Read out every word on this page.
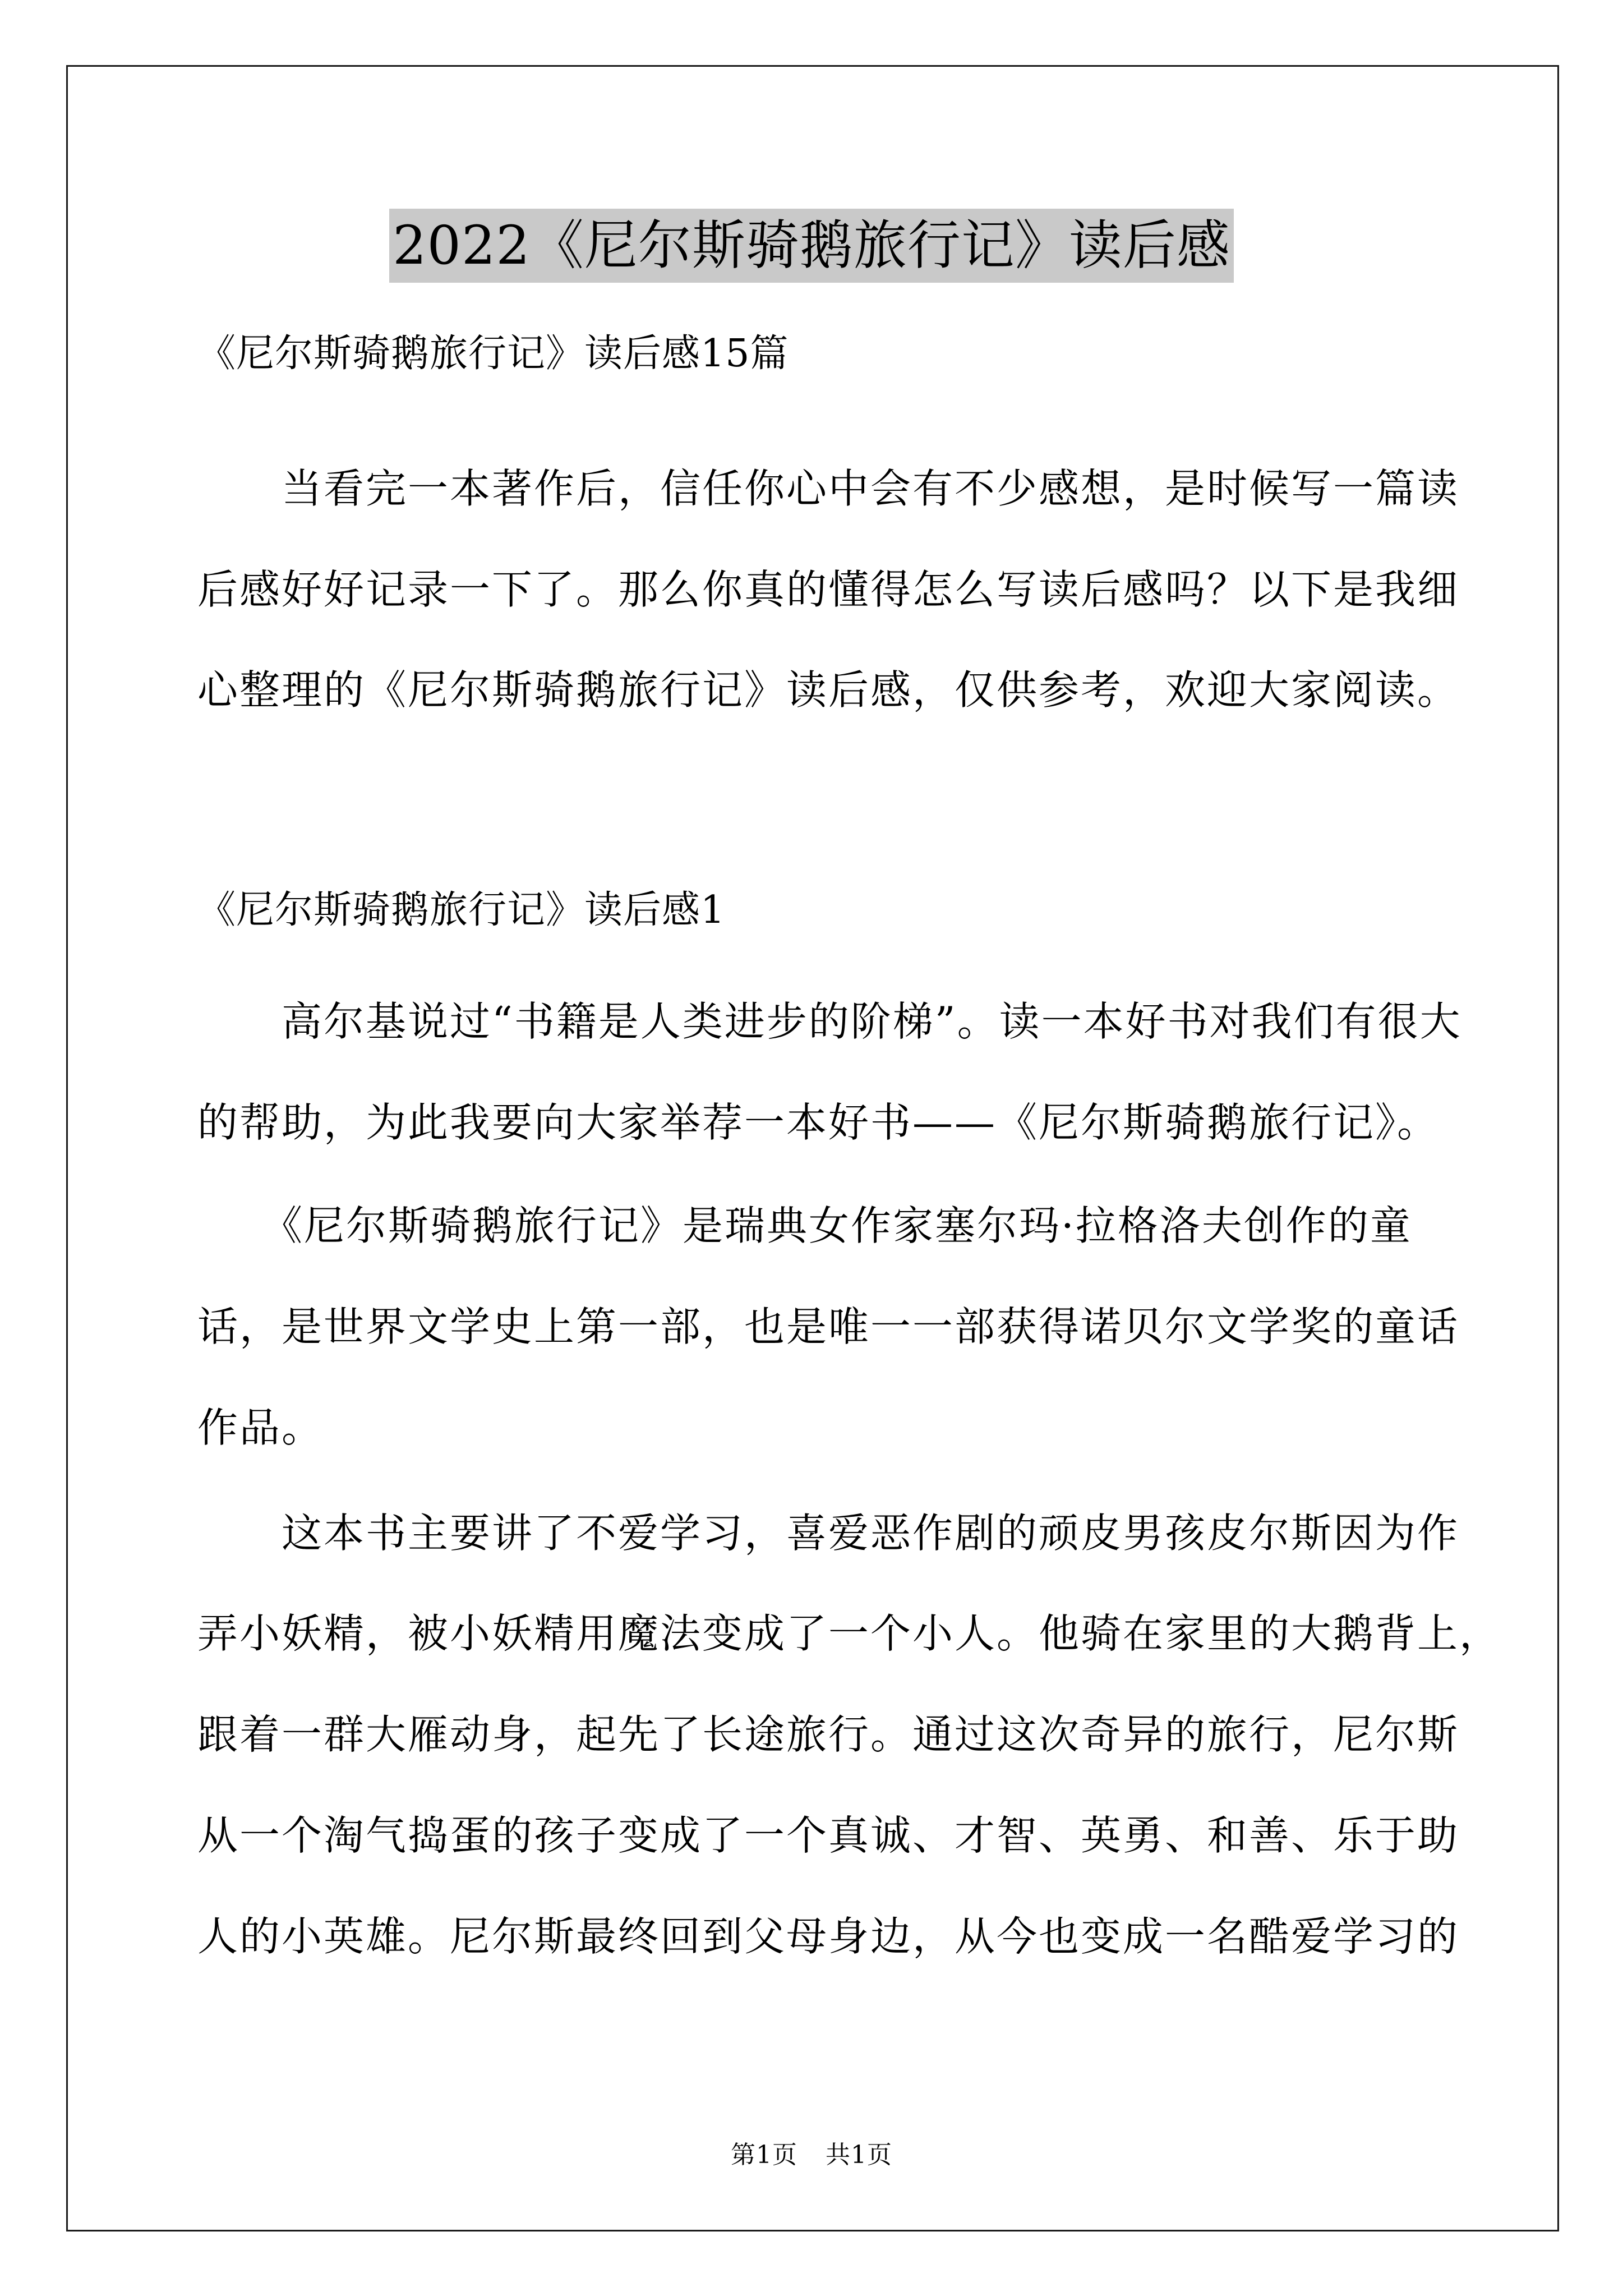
2022《尼尔斯骑鹅旅行记》读后感
《尼尔斯骑鹅旅行记》读后感15篇
当看完一本著作后，信任你心中会有不少感想，是时候写一篇读
后感好好记录一下了。那么你真的懂得怎么写读后感吗？以下是我细
心整理的《尼尔斯骑鹅旅行记》读后感，仅供参考，欢迎大家阅读。
《尼尔斯骑鹅旅行记》读后感1
高尔基说过“书籍是人类进步的阶梯”。读一本好书对我们有很大
的帮助，为此我要向大家举荐一本好书——《尼尔斯骑鹅旅行记》。
《尼尔斯骑鹅旅行记》是瑞典女作家塞尔玛·拉格洛夫创作的童
话，是世界文学史上第一部，也是唯一一部获得诺贝尔文学奖的童话
作品。
这本书主要讲了不爱学习，喜爱恶作剧的顽皮男孩皮尔斯因为作
弄小妖精，被小妖精用魔法变成了一个小人。他骑在家里的大鹅背上，
跟着一群大雁动身，起先了长途旅行。通过这次奇异的旅行，尼尔斯
从一个淘气捣蛋的孩子变成了一个真诚、才智、英勇、和善、乐于助
人的小英雄。尼尔斯最终回到父母身边，从今也变成一名酷爱学习的
第1页 共1页
